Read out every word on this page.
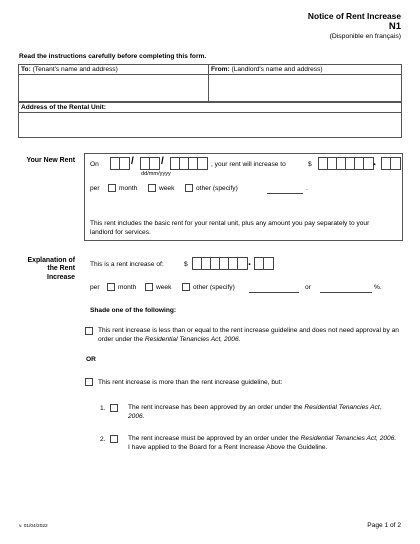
Notice of Rent Increase
N1
(Disponible en français)
Read the instructions carefully before completing this form.
To: (Tenant's name and address)	From: (Landlord's name and address)
Address of the Rental Unit:
Your New Rent
On	/	/
dd/mm/yyyy
, your rent will increase to	$	.
per	month	week	other (specify)	.
This rent includes the basic rent for your rental unit, plus any amount you pay separately to your landlord for services.
Explanation of the Rent Increase
This is a rent increase of:	$	.
per	month	week	other (specify)	or	%.
Shade one of the following:
This rent increase is less than or equal to the rent increase guideline and does not need approval by an order under the Residential Tenancies Act, 2006.
OR
This rent increase is more than the rent increase guideline, but:
1.	The rent increase has been approved by an order under the Residential Tenancies Act, 2006.
2.	The rent increase must be approved by an order under the Residential Tenancies Act, 2006. I have applied to the Board for a Rent Increase Above the Guideline.
v. 01/04/2022	Page 1 of 2
